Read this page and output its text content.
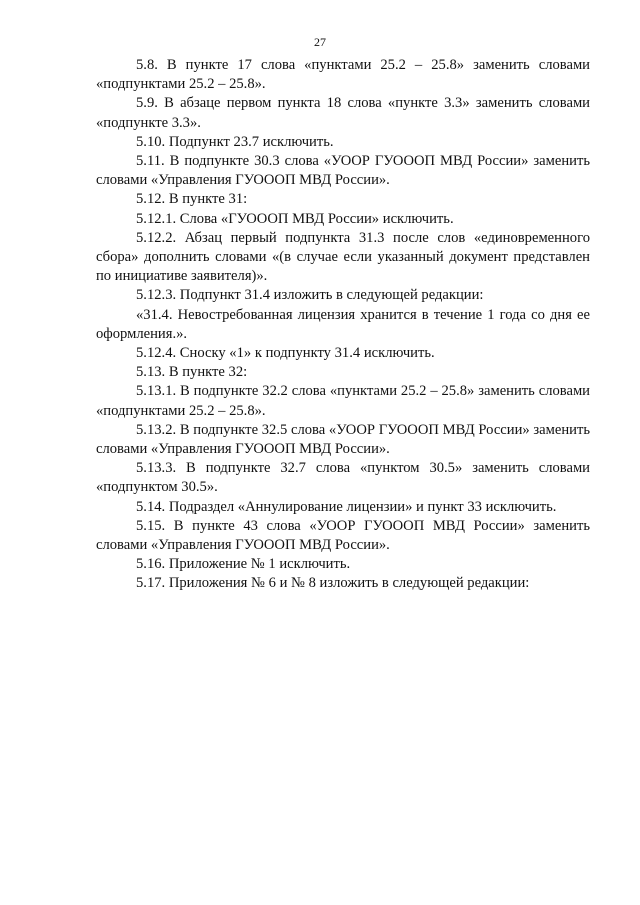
27

5.8. В пункте 17 слова «пунктами 25.2 – 25.8» заменить словами «подпунктами 25.2 – 25.8».

5.9. В абзаце первом пункта 18 слова «пункте 3.3» заменить словами «подпункте 3.3».

5.10. Подпункт 23.7 исключить.

5.11. В подпункте 30.3 слова «УООР ГУОООП МВД России» заменить словами «Управления ГУОООП МВД России».

5.12. В пункте 31:

5.12.1. Слова «ГУОООП МВД России» исключить.

5.12.2. Абзац первый подпункта 31.3 после слов «единовременного сбора» дополнить словами «(в случае если указанный документ представлен по инициативе заявителя)».

5.12.3. Подпункт 31.4 изложить в следующей редакции:

«31.4. Невостребованная лицензия хранится в течение 1 года со дня ее оформления.».

5.12.4. Сноску «1» к подпункту 31.4 исключить.

5.13. В пункте 32:

5.13.1. В подпункте 32.2 слова «пунктами 25.2 – 25.8» заменить словами «подпунктами 25.2 – 25.8».

5.13.2. В подпункте 32.5 слова «УООР ГУОООП МВД России» заменить словами «Управления ГУОООП МВД России».

5.13.3. В подпункте 32.7 слова «пунктом 30.5» заменить словами «подпунктом 30.5».

5.14. Подраздел «Аннулирование лицензии» и пункт 33 исключить.

5.15. В пункте 43 слова «УООР ГУОООП МВД России» заменить словами «Управления ГУОООП МВД России».

5.16. Приложение № 1 исключить.

5.17. Приложения № 6 и № 8 изложить в следующей редакции:
